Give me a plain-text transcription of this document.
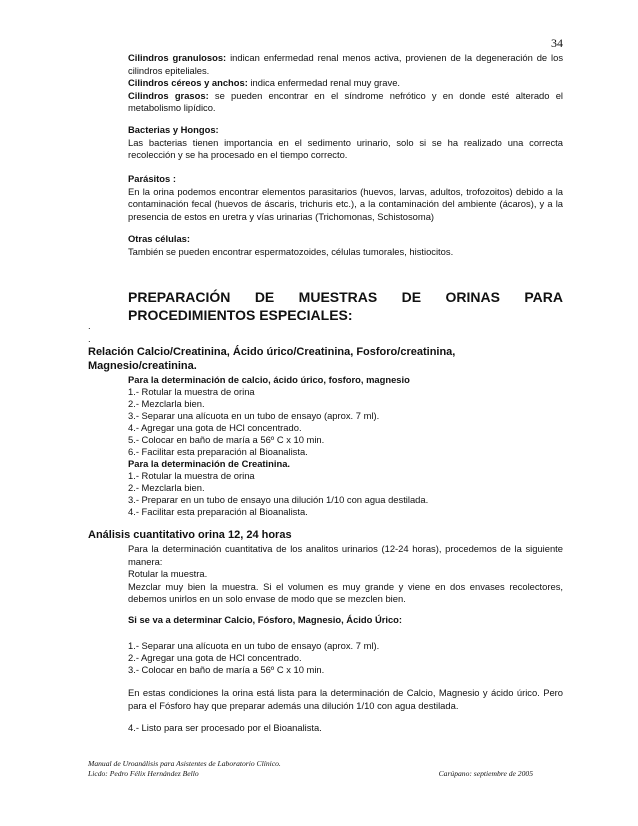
34

Cilindros granulosos: indican enfermedad renal menos activa, provienen de la degeneración de los cilindros epiteliales.

Cilindros céreos y anchos: indica enfermedad renal muy grave.

Cilindros grasos: se pueden encontrar en el síndrome nefrótico y en donde esté alterado el metabolismo lipídico.

Bacterias y Hongos:

Las bacterias tienen importancia en el sedimento urinario, solo si se ha realizado una correcta recolección y se ha procesado en el tiempo correcto.

Parásitos :

En la orina podemos encontrar elementos parasitarios (huevos, larvas, adultos, trofozoitos) debido a la contaminación fecal (huevos de áscaris, trichuris etc.), a la contaminación del ambiente (ácaros), y a la presencia de estos en uretra y vías urinarias (Trichomonas, Schistosoma)

Otras células:

También se pueden encontrar espermatozoides, células tumorales, histiocitos.

PREPARACIÓN DE MUESTRAS DE ORINAS PARA PROCEDIMIENTOS ESPECIALES:
.
.
Relación Calcio/Creatinina, Ácido úrico/Creatinina, Fosforo/creatinina, Magnesio/creatinina.
Para la determinación de calcio, ácido úrico, fosforo, magnesio
1.- Rotular la muestra de orina
2.- Mezclarla bien.
3.- Separar una alícuota en un tubo de ensayo (aprox. 7 ml).
4.- Agregar una gota de HCl concentrado.
5.- Colocar en baño de maría a 56º C x 10 min.
6.- Facilitar esta preparación al Bioanalista.
Para la determinación de Creatinina.
1.- Rotular la muestra de orina
2.- Mezclarla bien.
3.- Preparar en un tubo de ensayo una dilución 1/10 con agua destilada.
4.- Facilitar esta preparación al Bioanalista.
Análisis cuantitativo orina 12, 24 horas

Para la determinación cuantitativa de los analitos urinarios (12-24 horas), procedemos de la siguiente manera:

Rotular la muestra.

Mezclar muy bien la muestra. Si el volumen es muy grande y viene en dos envases recolectores, debemos unirlos en un solo envase de modo que se mezclen bien.

Si se va a determinar Calcio, Fósforo, Magnesio, Ácido Úrico:
1.- Separar una alícuota en un tubo de ensayo (aprox. 7 ml).
2.- Agregar una gota de HCl concentrado.
3.- Colocar en baño de maría a 56º C x 10 min.

En estas condiciones la orina está lista para la determinación de Calcio, Magnesio y ácido úrico. Pero para el Fósforo hay que preparar además una dilución 1/10 con agua destilada.

4.- Listo para ser procesado por el Bioanalista.
Manual de Uroanálisis para Asistentes de Laboratorio Clínico.
Licdo: Pedro Félix Hernández Bello	Carúpano: septiembre de 2005
